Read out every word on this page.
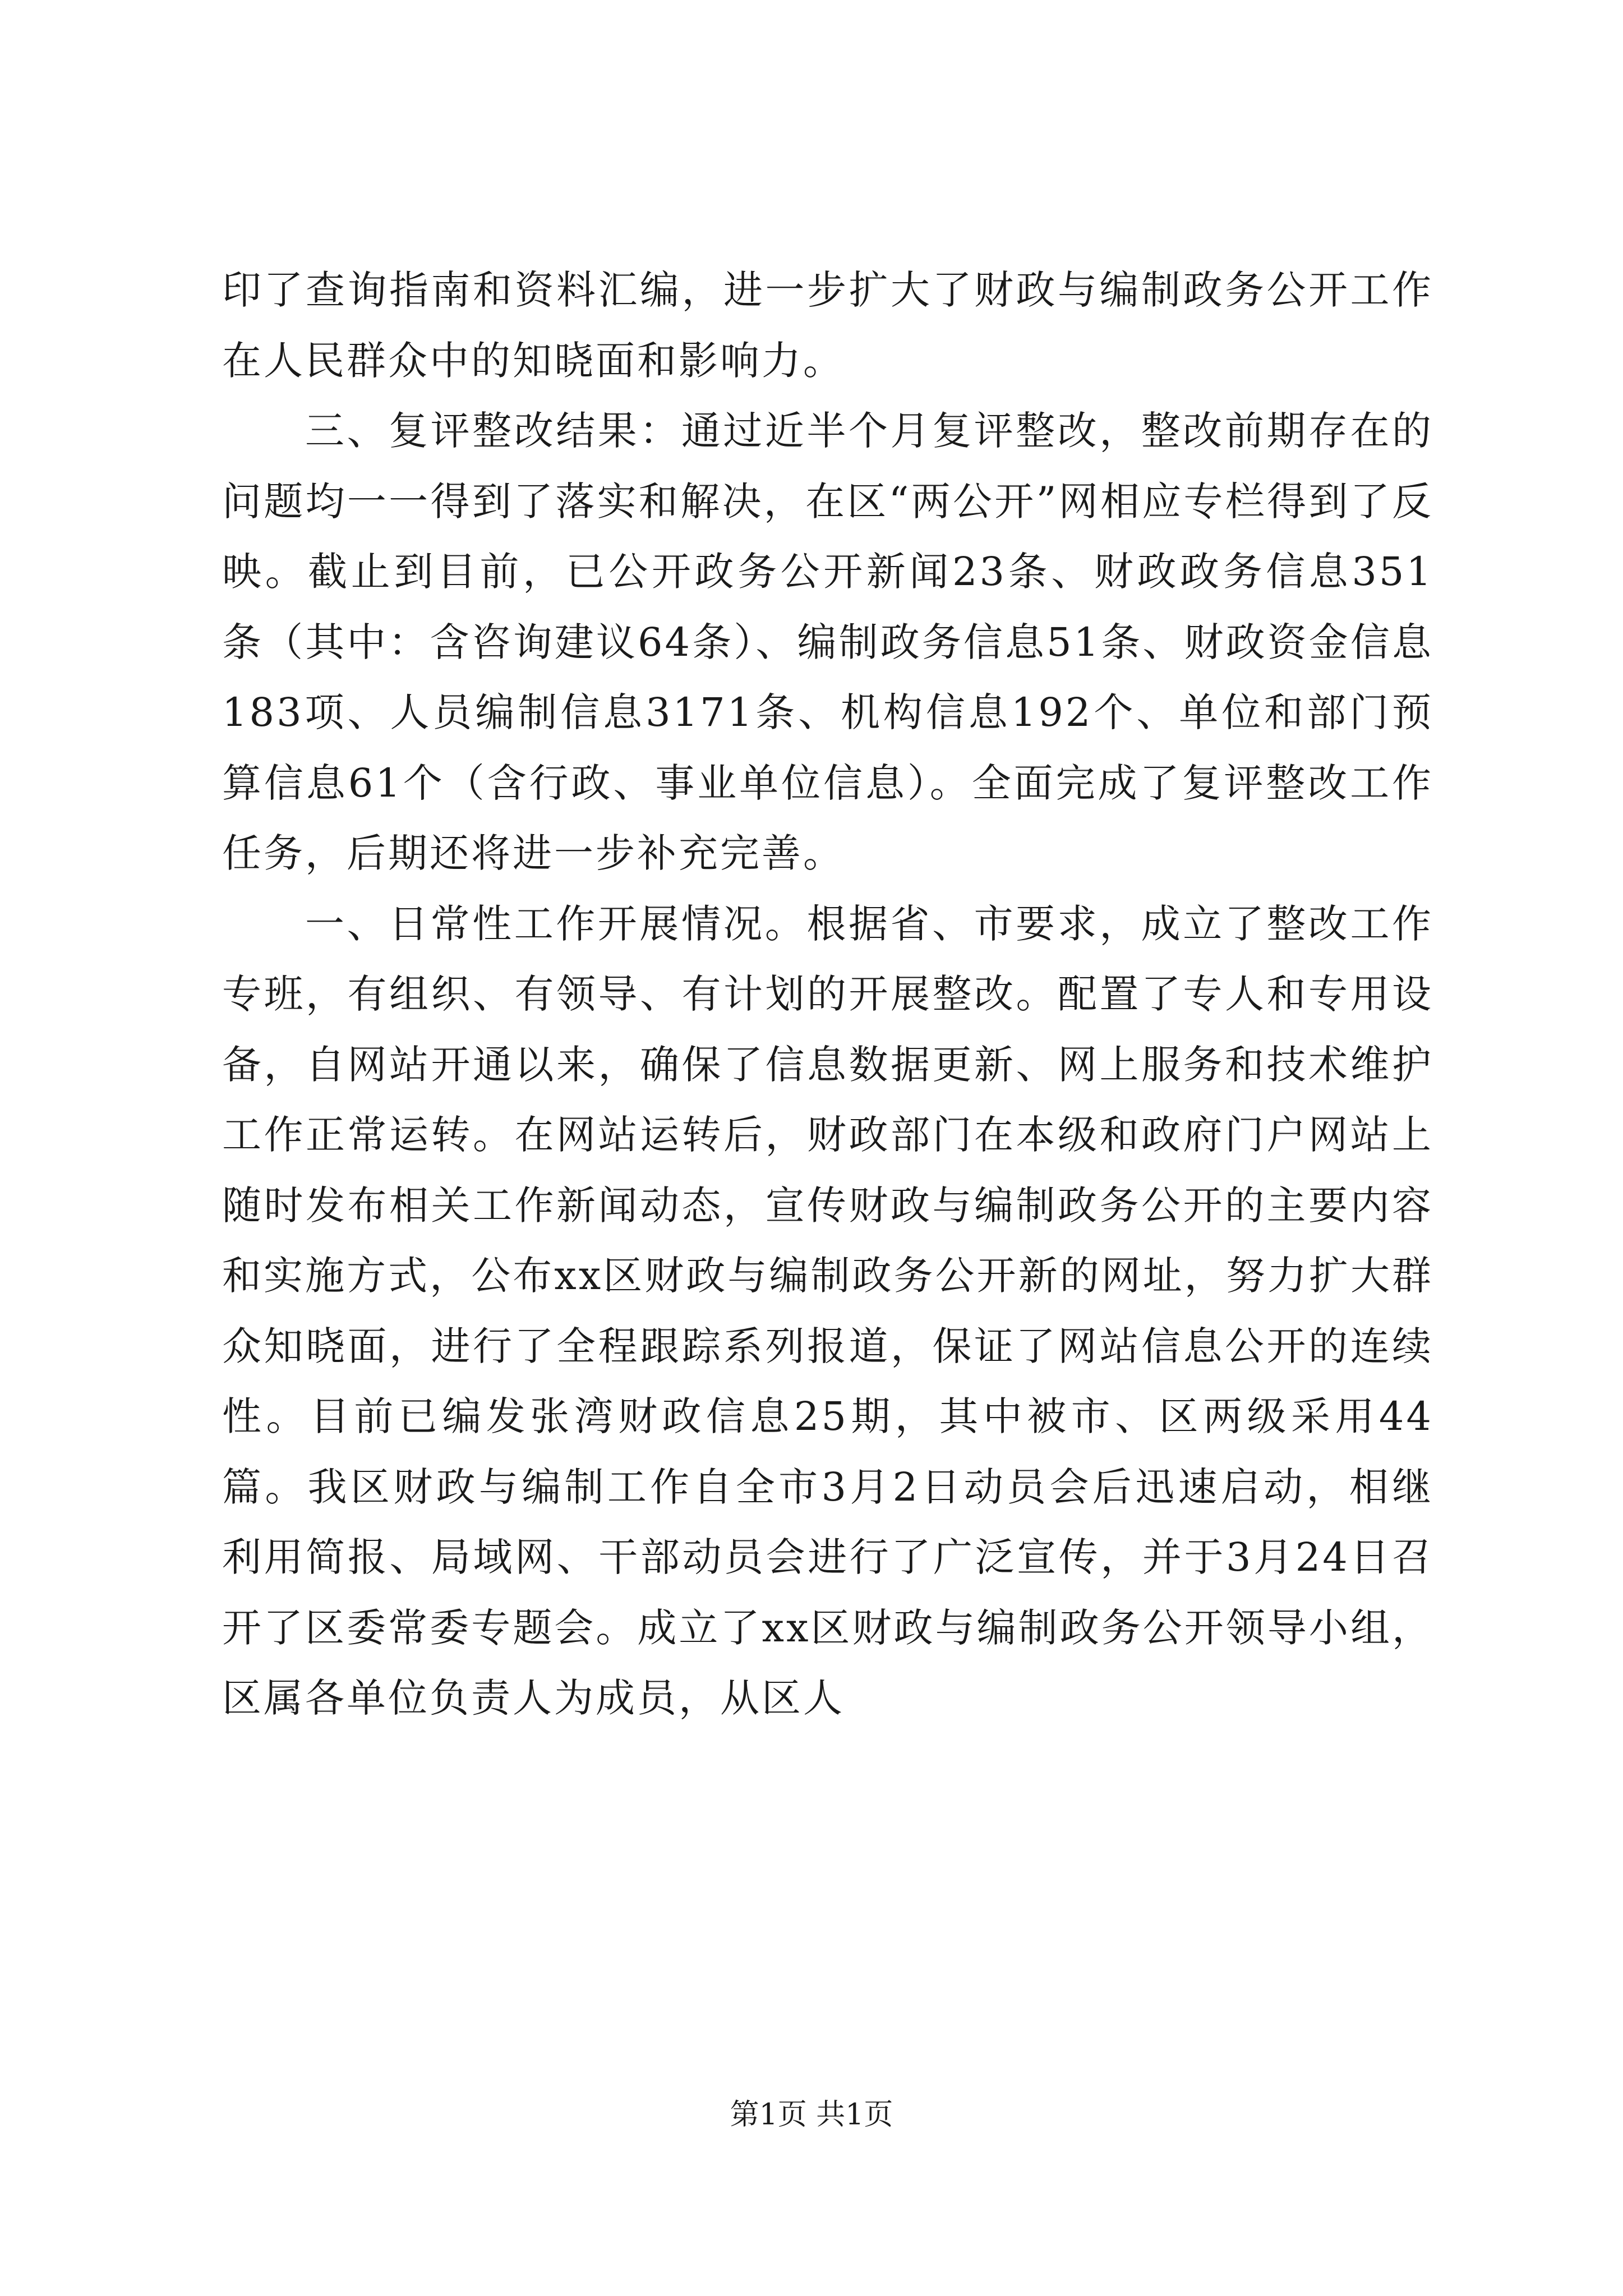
印了查询指南和资料汇编，进一步扩大了财政与编制政务公开工作在人民群众中的知晓面和影响力。

三、复评整改结果：通过近半个月复评整改，整改前期存在的问题均一一得到了落实和解决，在区“两公开”网相应专栏得到了反映。截止到目前，已公开政务公开新闻23条、财政政务信息351条（其中：含咨询建议64条）、编制政务信息51条、财政资金信息183项、人员编制信息3171条、机构信息192个、单位和部门预算信息61个（含行政、事业单位信息）。全面完成了复评整改工作任务，后期还将进一步补充完善。

一、日常性工作开展情况。根据省、市要求，成立了整改工作专班，有组织、有领导、有计划的开展整改。配置了专人和专用设备，自网站开通以来，确保了信息数据更新、网上服务和技术维护工作正常运转。在网站运转后，财政部门在本级和政府门户网站上随时发布相关工作新闻动态，宣传财政与编制政务公开的主要内容和实施方式，公布xx区财政与编制政务公开新的网址，努力扩大群众知晓面，进行了全程跟踪系列报道，保证了网站信息公开的连续性。目前已编发张湾财政信息25期，其中被市、区两级采用44篇。我区财政与编制工作自全市3月2日动员会后迅速启动，相继利用简报、局域网、干部动员会进行了广泛宣传，并于3月24日召开了区委常委专题会。成立了xx区财政与编制政务公开领导小组，区属各单位负责人为成员，从区人

第1页 共1页
